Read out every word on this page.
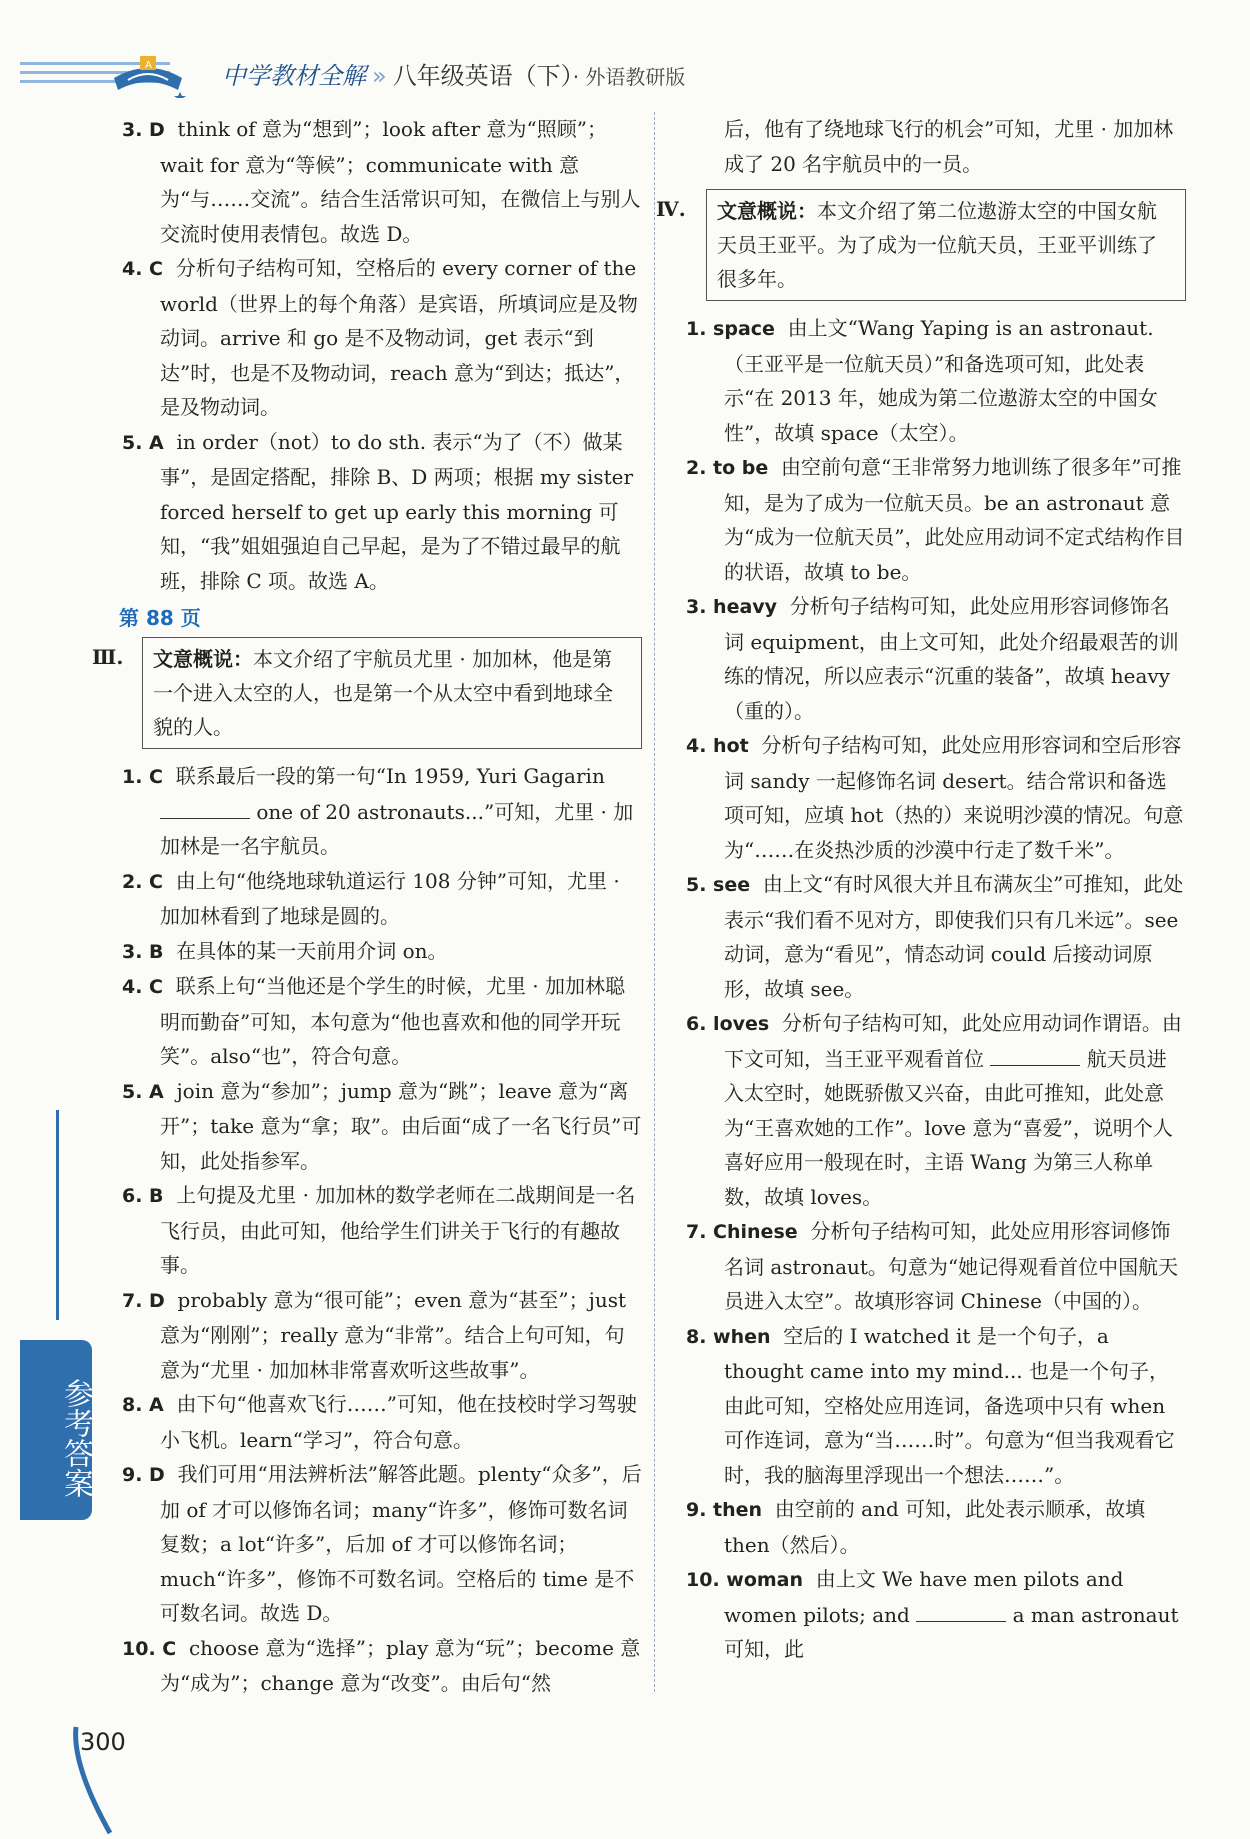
A	中学教材全解 » 八年级英语（下）· 外语教研版
参考答案

3. D think of 意为“想到”；look after 意为“照顾”；wait for 意为“等候”；communicate with 意为“与……交流”。结合生活常识可知，在微信上与别人交流时使用表情包。故选 D。

4. C 分析句子结构可知，空格后的 every corner of the world（世界上的每个角落）是宾语，所填词应是及物动词。arrive 和 go 是不及物动词，get 表示“到达”时，也是不及物动词，reach 意为“到达；抵达”，是及物动词。

5. A in order（not）to do sth. 表示“为了（不）做某事”，是固定搭配，排除 B、D 两项；根据 my sister forced herself to get up early this morning 可知，“我”姐姐强迫自己早起，是为了不错过最早的航班，排除 C 项。故选 A。

第 88 页
Ⅲ.	文意概说：本文介绍了宇航员尤里 · 加加林，他是第一个进入太空的人，也是第一个从太空中看到地球全貌的人。

1. C 联系最后一段的第一句“In 1959, Yuri Gagarin  one of 20 astronauts...”可知，尤里 · 加加林是一名宇航员。

2. C 由上句“他绕地球轨道运行 108 分钟”可知，尤里 · 加加林看到了地球是圆的。

3. B 在具体的某一天前用介词 on。

4. C 联系上句“当他还是个学生的时候，尤里 · 加加林聪明而勤奋”可知，本句意为“他也喜欢和他的同学开玩笑”。also“也”，符合句意。

5. A join 意为“参加”；jump 意为“跳”；leave 意为“离开”；take 意为“拿；取”。由后面“成了一名飞行员”可知，此处指参军。

6. B 上句提及尤里 · 加加林的数学老师在二战期间是一名飞行员，由此可知，他给学生们讲关于飞行的有趣故事。

7. D probably 意为“很可能”；even 意为“甚至”；just 意为“刚刚”；really 意为“非常”。结合上句可知，句意为“尤里 · 加加林非常喜欢听这些故事”。

8. A 由下句“他喜欢飞行……”可知，他在技校时学习驾驶小飞机。learn“学习”，符合句意。

9. D 我们可用“用法辨析法”解答此题。plenty“众多”，后加 of 才可以修饰名词；many“许多”，修饰可数名词复数；a lot“许多”，后加 of 才可以修饰名词；much“许多”，修饰不可数名词。空格后的 time 是不可数名词。故选 D。

10. C choose 意为“选择”；play 意为“玩”；become 意为“成为”；change 意为“改变”。由后句“然

后，他有了绕地球飞行的机会”可知，尤里 · 加加林成了 20 名宇航员中的一员。

Ⅳ.	文意概说：本文介绍了第二位遨游太空的中国女航天员王亚平。为了成为一位航天员，王亚平训练了很多年。

1. space 由上文“Wang Yaping is an astronaut.（王亚平是一位航天员）”和备选项可知，此处表示“在 2013 年，她成为第二位遨游太空的中国女性”，故填 space（太空）。

2. to be 由空前句意“王非常努力地训练了很多年”可推知，是为了成为一位航天员。be an astronaut 意为“成为一位航天员”，此处应用动词不定式结构作目的状语，故填 to be。

3. heavy 分析句子结构可知，此处应用形容词修饰名词 equipment，由上文可知，此处介绍最艰苦的训练的情况，所以应表示“沉重的装备”，故填 heavy（重的）。

4. hot 分析句子结构可知，此处应用形容词和空后形容词 sandy 一起修饰名词 desert。结合常识和备选项可知，应填 hot（热的）来说明沙漠的情况。句意为“……在炎热沙质的沙漠中行走了数千米”。

5. see 由上文“有时风很大并且布满灰尘”可推知，此处表示“我们看不见对方，即使我们只有几米远”。see 动词，意为“看见”，情态动词 could 后接动词原形，故填 see。

6. loves 分析句子结构可知，此处应用动词作谓语。由下文可知，当王亚平观看首位	航天员进入太空时，她既骄傲又兴奋，由此可推知，此处意为“王喜欢她的工作”。love 意为“喜爱”，说明个人喜好应用一般现在时，主语 Wang 为第三人称单数，故填 loves。

7. Chinese 分析句子结构可知，此处应用形容词修饰名词 astronaut。句意为“她记得观看首位中国航天员进入太空”。故填形容词 Chinese（中国的）。

8. when 空后的 I watched it 是一个句子，a thought came into my mind... 也是一个句子，由此可知，空格处应用连词，备选项中只有 when 可作连词，意为“当……时”。句意为“但当我观看它时，我的脑海里浮现出一个想法……”。

9. then 由空前的 and 可知，此处表示顺承，故填 then（然后）。

10. woman 由上文 We have men pilots and women pilots; and	a man astronaut 可知，此

300
